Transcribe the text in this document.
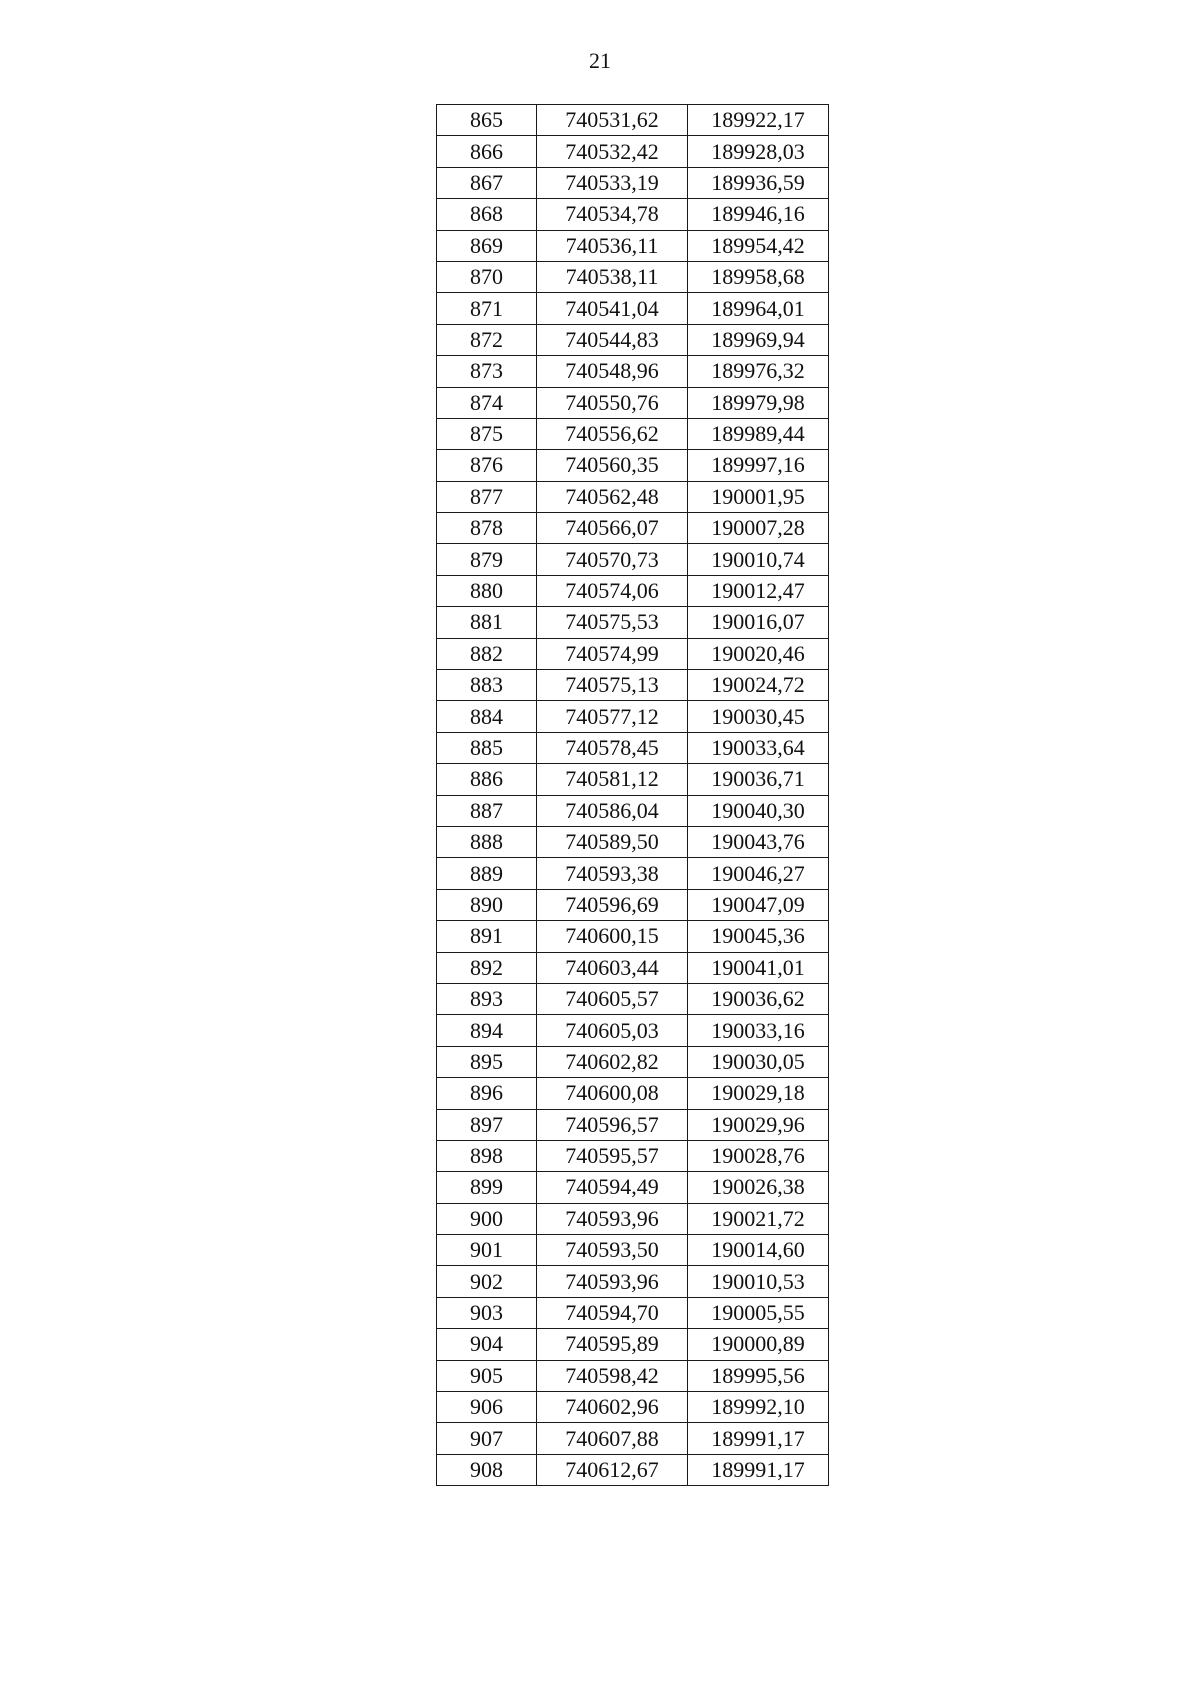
21
865	740531,62	189922,17
866	740532,42	189928,03
867	740533,19	189936,59
868	740534,78	189946,16
869	740536,11	189954,42
870	740538,11	189958,68
871	740541,04	189964,01
872	740544,83	189969,94
873	740548,96	189976,32
874	740550,76	189979,98
875	740556,62	189989,44
876	740560,35	189997,16
877	740562,48	190001,95
878	740566,07	190007,28
879	740570,73	190010,74
880	740574,06	190012,47
881	740575,53	190016,07
882	740574,99	190020,46
883	740575,13	190024,72
884	740577,12	190030,45
885	740578,45	190033,64
886	740581,12	190036,71
887	740586,04	190040,30
888	740589,50	190043,76
889	740593,38	190046,27
890	740596,69	190047,09
891	740600,15	190045,36
892	740603,44	190041,01
893	740605,57	190036,62
894	740605,03	190033,16
895	740602,82	190030,05
896	740600,08	190029,18
897	740596,57	190029,96
898	740595,57	190028,76
899	740594,49	190026,38
900	740593,96	190021,72
901	740593,50	190014,60
902	740593,96	190010,53
903	740594,70	190005,55
904	740595,89	190000,89
905	740598,42	189995,56
906	740602,96	189992,10
907	740607,88	189991,17
908	740612,67	189991,17
